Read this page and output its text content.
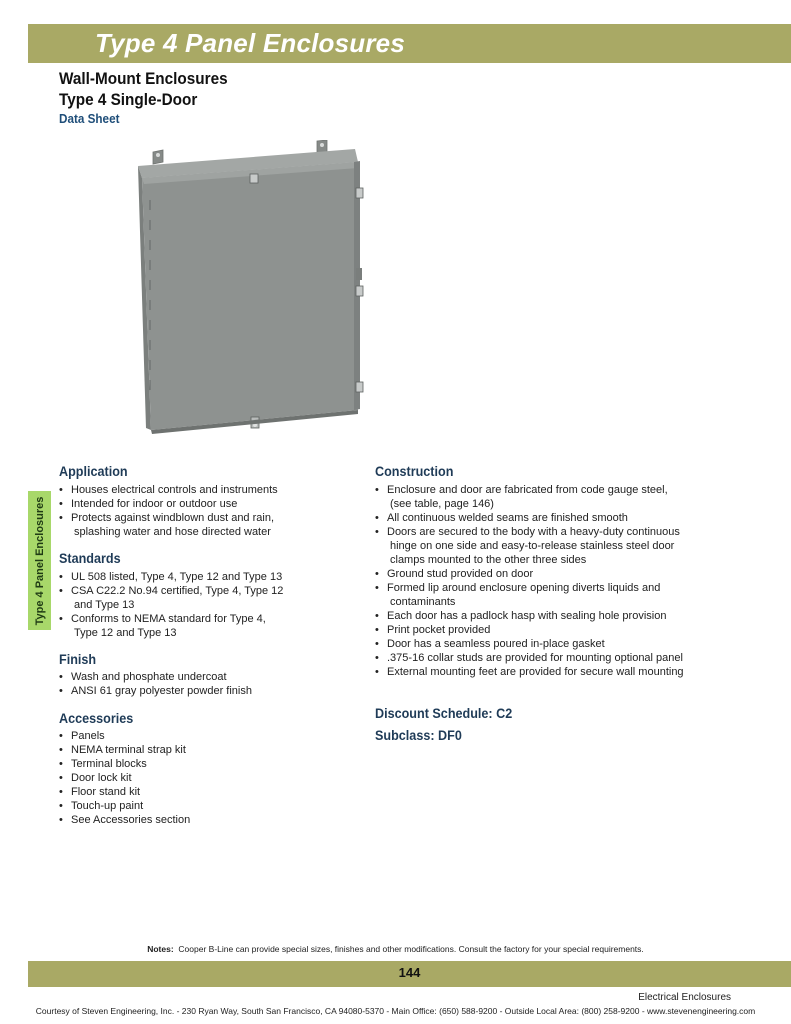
Type 4 Panel Enclosures
Wall-Mount Enclosures
Type 4 Single-Door
Data Sheet
Type 4 Panel Enclosures
Application
• Houses electrical controls and instruments
• Intended for indoor or outdoor use
• Protects against windblown dust and rain,
splashing water and hose directed water
Standards
• UL 508 listed, Type 4, Type 12 and Type 13
• CSA C22.2 No.94 certified, Type 4, Type 12
and Type 13
• Conforms to NEMA standard for Type 4,
Type 12 and Type 13
Finish
• Wash and phosphate undercoat
• ANSI 61 gray polyester powder finish
Accessories
• Panels
• NEMA terminal strap kit
• Terminal blocks
• Door lock kit
• Floor stand kit
• Touch-up paint
• See Accessories section
Construction
• Enclosure and door are fabricated from code gauge steel,
(see table, page 146)
• All continuous welded seams are finished smooth
• Doors are secured to the body with a heavy-duty continuous
hinge on one side and easy-to-release stainless steel door
clamps mounted to the other three sides
• Ground stud provided on door
• Formed lip around enclosure opening diverts liquids and
contaminants
• Each door has a padlock hasp with sealing hole provision
• Print pocket provided
• Door has a seamless poured in-place gasket
• .375-16 collar studs are provided for mounting optional panel
• External mounting feet are provided for secure wall mounting
Discount Schedule: C2
Subclass: DF0
Notes: Cooper B-Line can provide special sizes, finishes and other modifications. Consult the factory for your special requirements.
144
Electrical Enclosures
Courtesy of Steven Engineering, Inc. - 230 Ryan Way, South San Francisco, CA 94080-5370 - Main Office: (650) 588-9200 - Outside Local Area: (800) 258-9200 - www.stevenengineering.com
